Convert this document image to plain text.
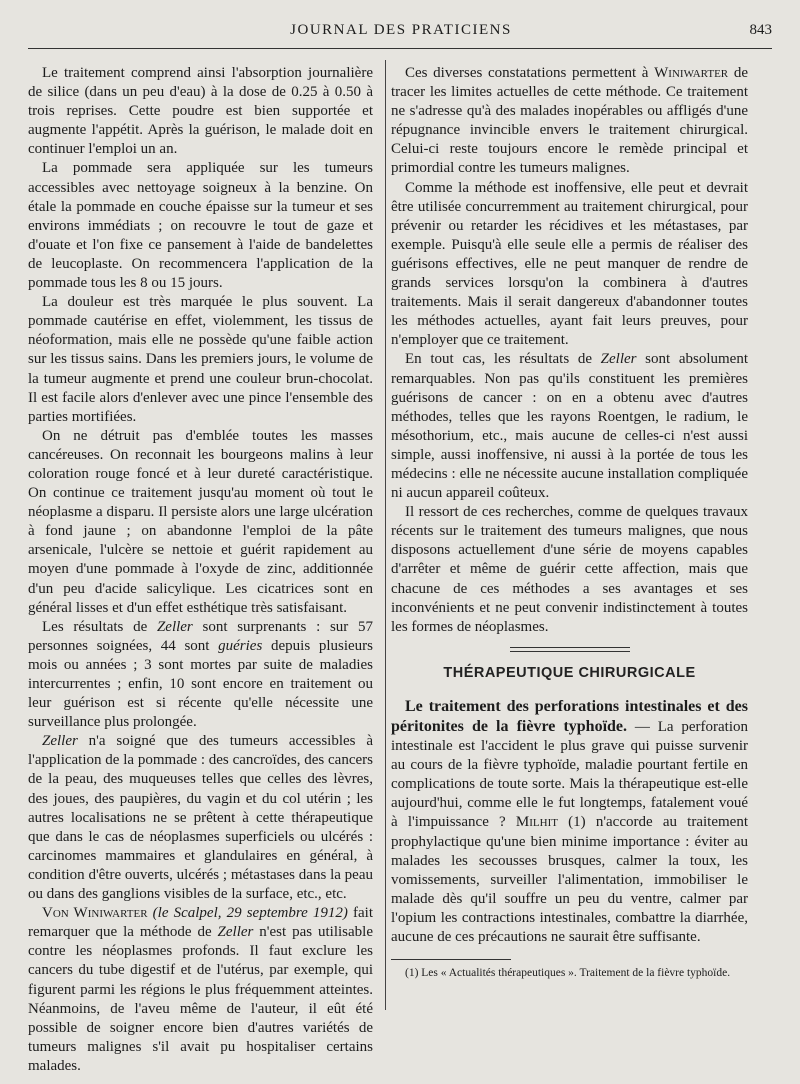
JOURNAL DES PRATICIENS	843

Le traitement comprend ainsi l'absorption journalière de silice (dans un peu d'eau) à la dose de 0.25 à 0.50 à trois reprises. Cette poudre est bien supportée et augmente l'appétit. Après la guérison, le malade doit en continuer l'emploi un an.

La pommade sera appliquée sur les tumeurs accessibles avec nettoyage soigneux à la benzine. On étale la pommade en couche épaisse sur la tumeur et ses environs immédiats ; on recouvre le tout de gaze et d'ouate et l'on fixe ce pansement à l'aide de bandelettes de leucoplaste. On recommencera l'application de la pommade tous les 8 ou 15 jours.

La douleur est très marquée le plus souvent. La pommade cautérise en effet, violemment, les tissus de néoformation, mais elle ne possède qu'une faible action sur les tissus sains. Dans les premiers jours, le volume de la tumeur augmente et prend une couleur brun-chocolat. Il est facile alors d'enlever avec une pince l'ensemble des parties mortifiées.

On ne détruit pas d'emblée toutes les masses cancéreuses. On reconnait les bourgeons malins à leur coloration rouge foncé et à leur dureté caractéristique. On continue ce traitement jusqu'au moment où tout le néoplasme a disparu. Il persiste alors une large ulcération à fond jaune ; on abandonne l'emploi de la pâte arsenicale, l'ulcère se nettoie et guérit rapidement au moyen d'une pommade à l'oxyde de zinc, additionnée d'un peu d'acide salicylique. Les cicatrices sont en général lisses et d'un effet esthétique très satisfaisant.

Les résultats de Zeller sont surprenants : sur 57 personnes soignées, 44 sont guéries depuis plusieurs mois ou années ; 3 sont mortes par suite de maladies intercurrentes ; enfin, 10 sont encore en traitement ou leur guérison est si récente qu'elle nécessite une surveillance plus prolongée.

Zeller n'a soigné que des tumeurs accessibles à l'application de la pommade : des cancroïdes, des cancers de la peau, des muqueuses telles que celles des lèvres, des joues, des paupières, du vagin et du col utérin ; les autres localisations ne se prêtent à cette thérapeutique que dans le cas de néoplasmes superficiels ou ulcérés : carcinomes mammaires et glandulaires en général, à condition d'être ouverts, ulcérés ; métastases dans la peau ou dans des ganglions visibles de la surface, etc., etc.

Von Winiwarter (le Scalpel, 29 septembre 1912) fait remarquer que la méthode de Zeller n'est pas utilisable contre les néoplasmes profonds. Il faut exclure les cancers du tube digestif et de l'utérus, par exemple, qui figurent parmi les régions le plus fréquemment atteintes. Néanmoins, de l'aveu même de l'auteur, il eût été possible de soigner encore bien d'autres variétés de tumeurs malignes s'il avait pu hospitaliser certains malades.

Ces diverses constatations permettent à Winiwarter de tracer les limites actuelles de cette méthode. Ce traitement ne s'adresse qu'à des malades inopérables ou affligés d'une répugnance invincible envers le traitement chirurgical. Celui-ci reste toujours encore le remède principal et primordial contre les tumeurs malignes.

Comme la méthode est inoffensive, elle peut et devrait être utilisée concurremment au traitement chirurgical, pour prévenir ou retarder les récidives et les métastases, par exemple. Puisqu'à elle seule elle a permis de réaliser des guérisons effectives, elle ne peut manquer de rendre de grands services lorsqu'on la combinera à d'autres traitements. Mais il serait dangereux d'abandonner toutes les méthodes actuelles, ayant fait leurs preuves, pour n'employer que ce traitement.

En tout cas, les résultats de Zeller sont absolument remarquables. Non pas qu'ils constituent les premières guérisons de cancer : on en a obtenu avec d'autres méthodes, telles que les rayons Roentgen, le radium, le mésothorium, etc., mais aucune de celles-ci n'est aussi simple, aussi inoffensive, ni aussi à la portée de tous les médecins : elle ne nécessite aucune installation compliquée ni aucun appareil coûteux.

Il ressort de ces recherches, comme de quelques travaux récents sur le traitement des tumeurs malignes, que nous disposons actuellement d'une série de moyens capables d'arrêter et même de guérir cette affection, mais que chacune de ces méthodes a ses avantages et ses inconvénients et ne peut convenir indistinctement à toutes les formes de néoplasmes.

THÉRAPEUTIQUE CHIRURGICALE

Le traitement des perforations intestinales et des péritonites de la fièvre typhoïde. — La perforation intestinale est l'accident le plus grave qui puisse survenir au cours de la fièvre typhoïde, maladie pourtant fertile en complications de toute sorte. Mais la thérapeutique est-elle aujourd'hui, comme elle le fut longtemps, fatalement voué à l'impuissance ? Milhit (1) n'accorde au traitement prophylactique qu'une bien minime importance : éviter au malades les secousses brusques, calmer la toux, les vomissements, surveiller l'alimentation, immobiliser le malade dès qu'il souffre un peu du ventre, calmer par l'opium les contractions intestinales, combattre la diarrhée, aucune de ces précautions ne saurait être suffisante.

(1) Les « Actualités thérapeutiques ». Traitement de la fièvre typhoïde.
